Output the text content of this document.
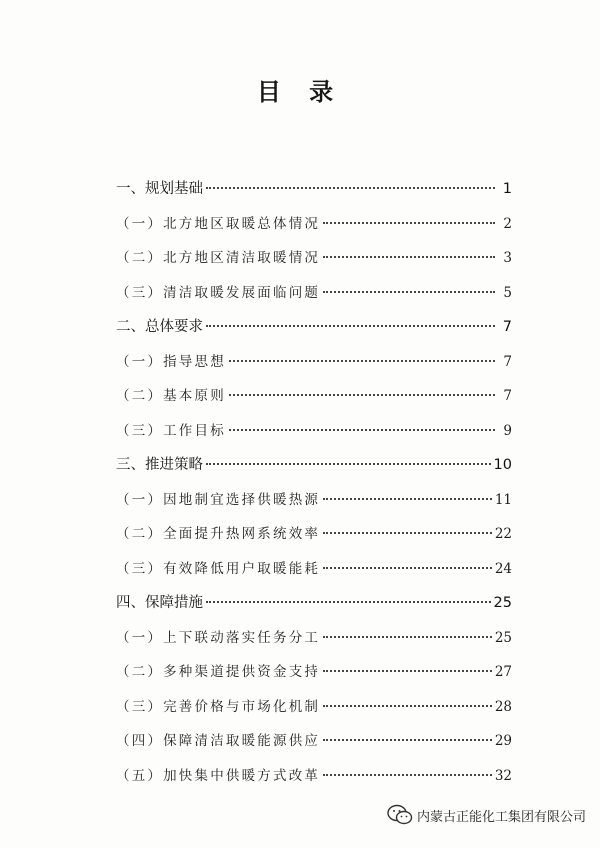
目 录
一、规划基础	1
（一）北方地区取暖总体情况	2
（二）北方地区清洁取暖情况	3
（三）清洁取暖发展面临问题	5
二、总体要求	7
（一）指导思想	7
（二）基本原则	7
（三）工作目标	9
三、推进策略	10
（一）因地制宜选择供暖热源	11
（二）全面提升热网系统效率	22
（三）有效降低用户取暖能耗	24
四、保障措施	25
（一）上下联动落实任务分工	25
（二）多种渠道提供资金支持	27
（三）完善价格与市场化机制	28
（四）保障清洁取暖能源供应	29
（五）加快集中供暖方式改革	32
内蒙古正能化工集团有限公司
